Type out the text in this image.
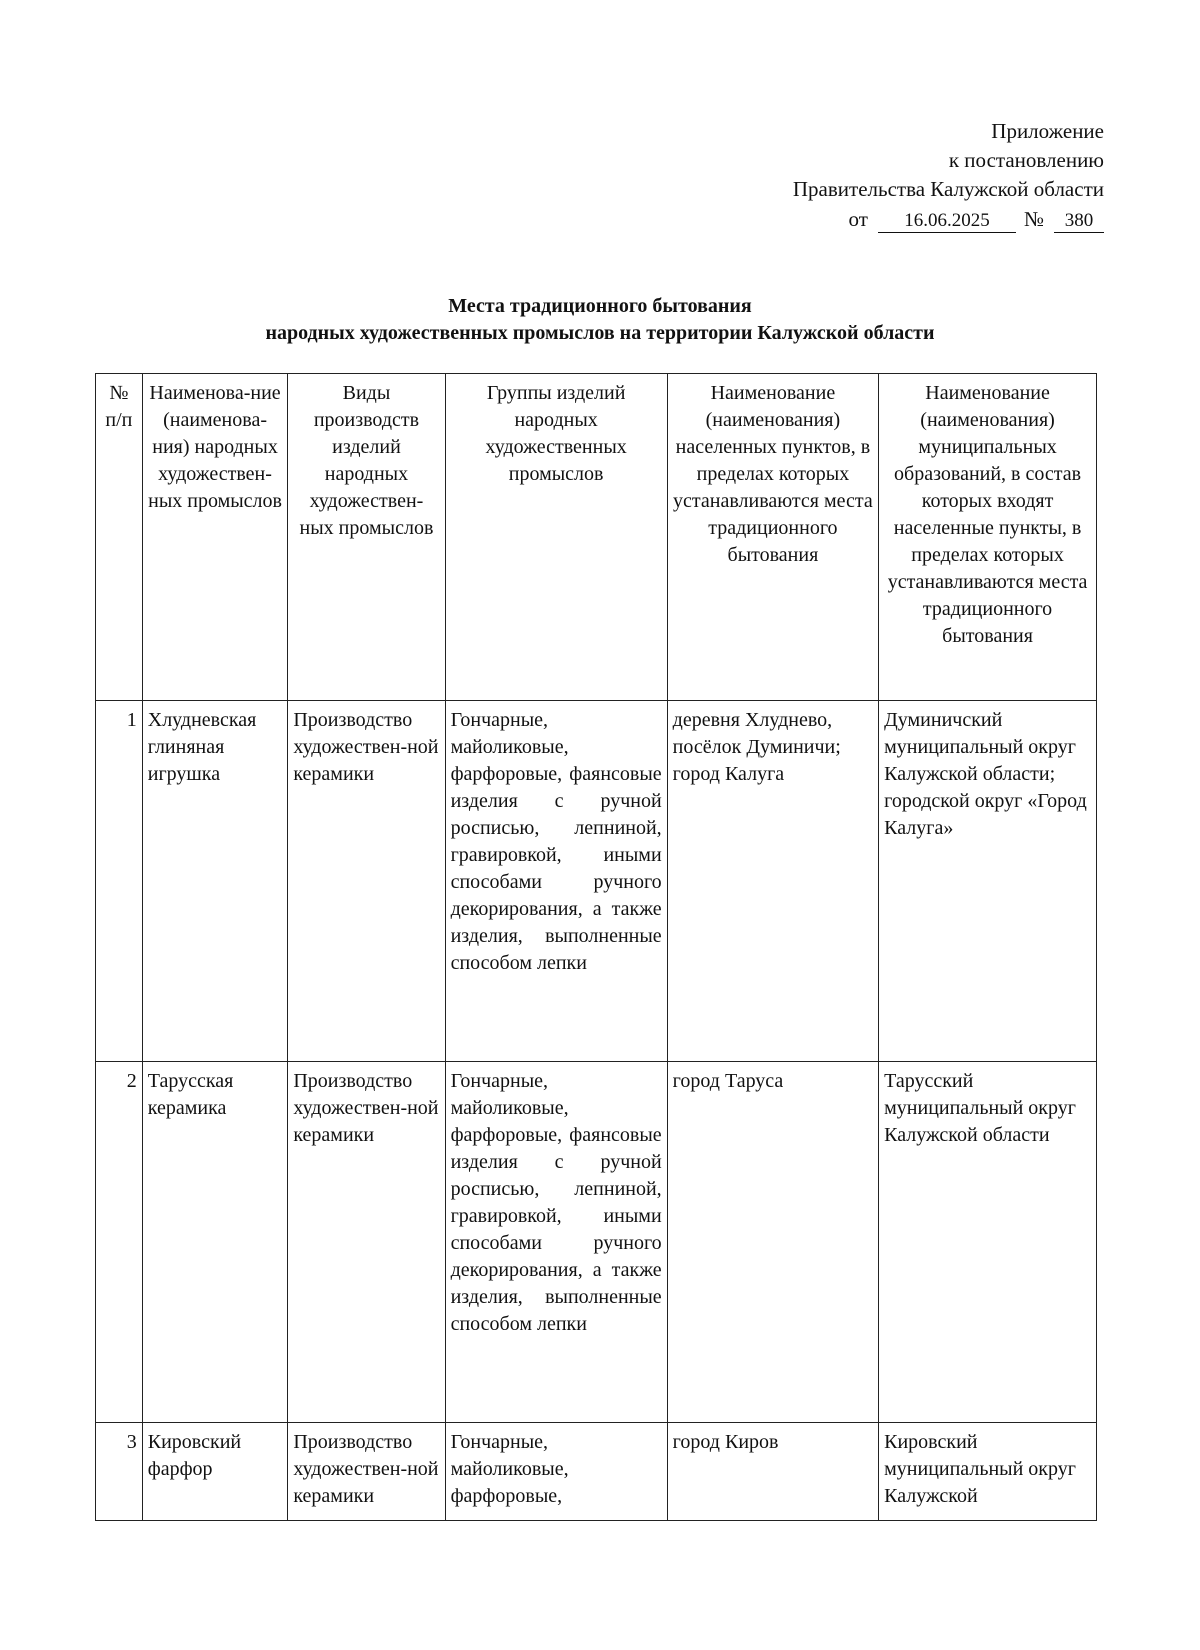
Приложение
к постановлению
Правительства Калужской области
от 16.06.2025 № 380
Места традиционного бытования
народных художественных промыслов на территории Калужской области
№ п/п	Наименова-ние (наименова-ния) народных художествен-ных промыслов	Виды производств изделий народных художествен-ных промыслов	Группы изделий народных художественных промыслов	Наименование (наименования) населенных пунктов, в пределах которых устанавливаются места традиционного бытования	Наименование (наименования) муниципальных образований, в состав которых входят населенные пункты, в пределах которых устанавливаются места традиционного бытования
1	Хлудневская глиняная игрушка	Производство художествен-ной керамики	Гончарные, майоликовые, фарфоровые, фаянсовые изделия с ручной росписью, лепниной, гравировкой, иными способами ручного декорирования, а также изделия, выполненные способом лепки	деревня Хлуднево, посёлок Думиничи; город Калуга	Думиничский муниципальный округ Калужской области; городской округ «Город Калуга»
2	Тарусская керамика	Производство художествен-ной керамики	Гончарные, майоликовые, фарфоровые, фаянсовые изделия с ручной росписью, лепниной, гравировкой, иными способами ручного декорирования, а также изделия, выполненные способом лепки	город Таруса	Тарусский муниципальный округ Калужской области
3	Кировский фарфор	Производство художествен-ной керамики	Гончарные, майоликовые, фарфоровые,	город Киров	Кировский муниципальный округ Калужской
